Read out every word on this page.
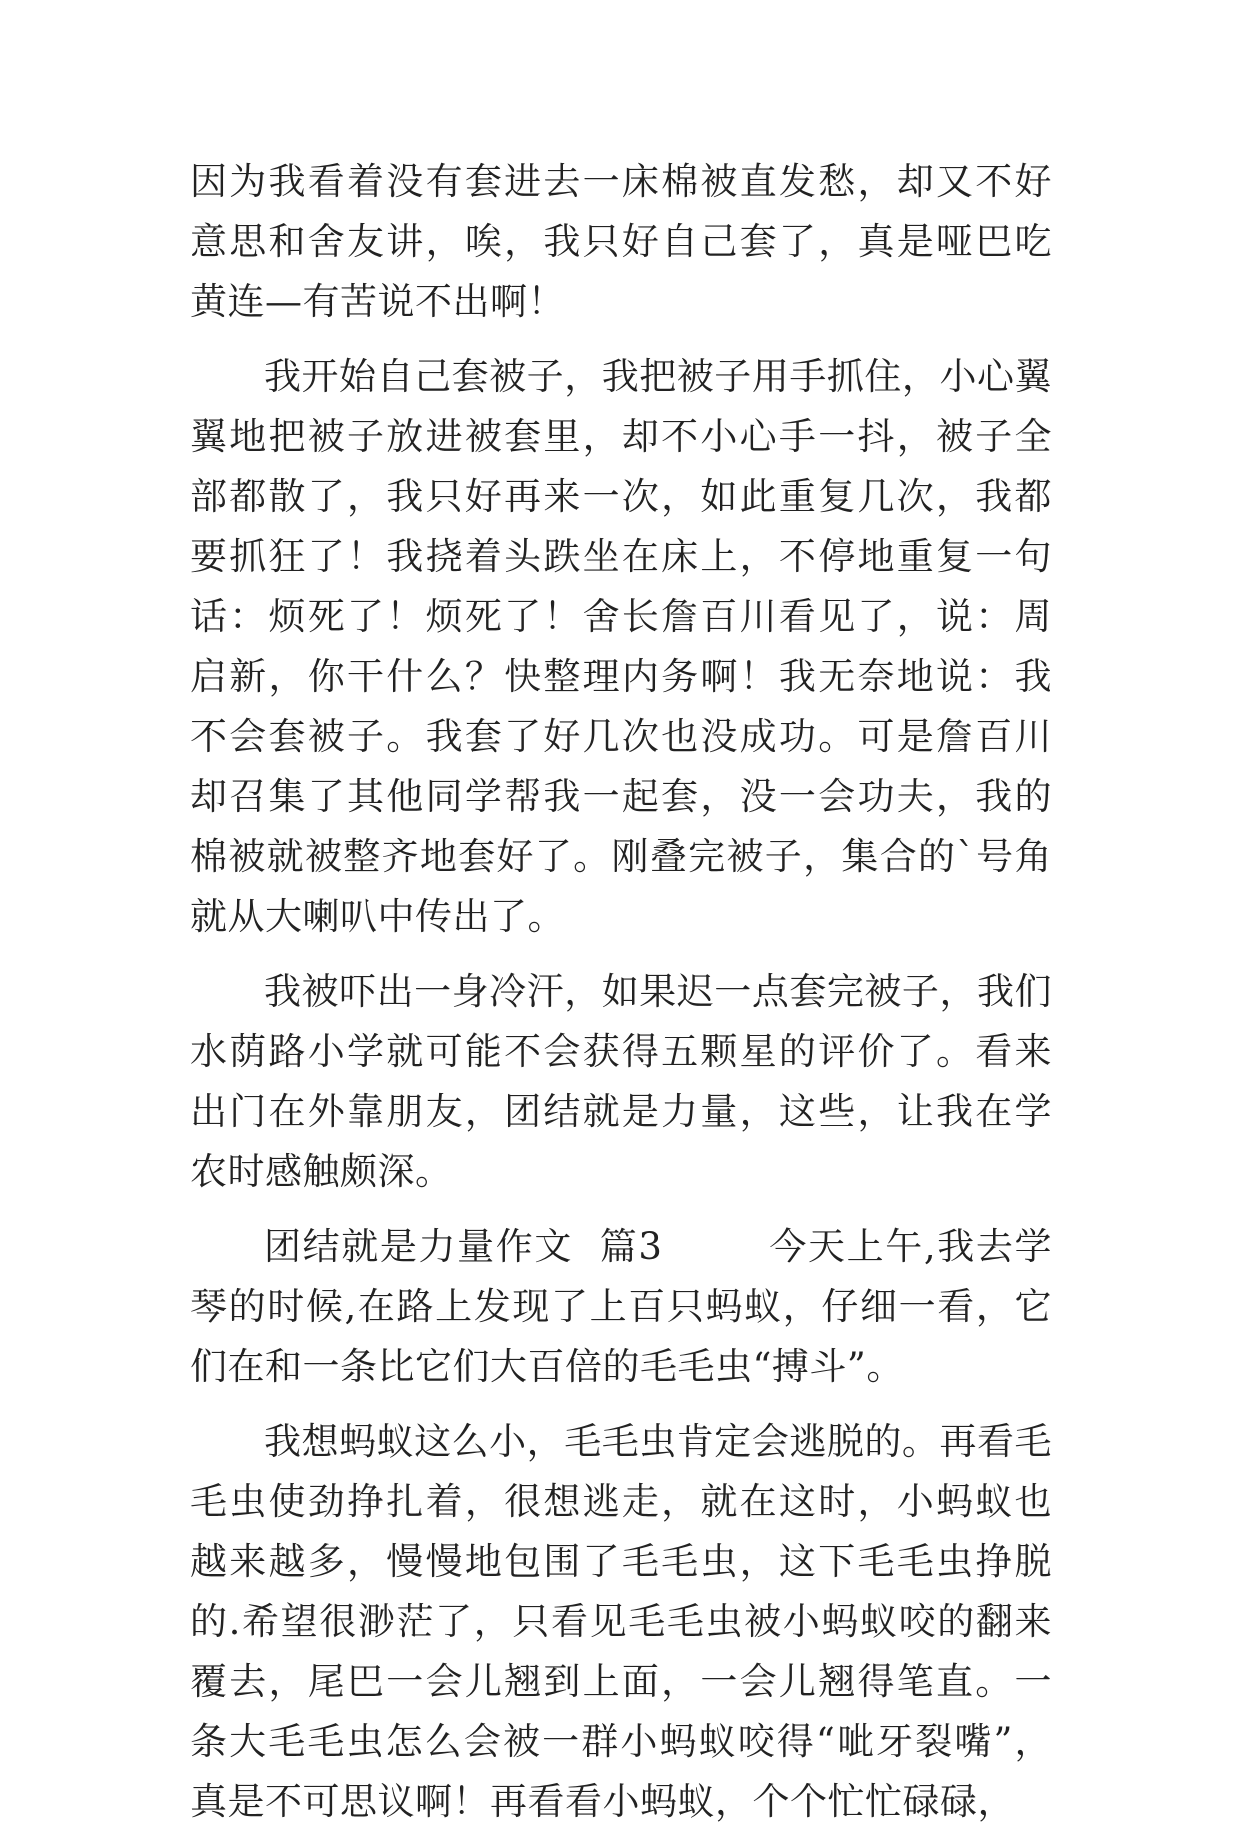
因为我看着没有套进去一床棉被直发愁，却又不好意思和舍友讲，唉，我只好自己套了，真是哑巴吃黄连—有苦说不出啊！

我开始自己套被子，我把被子用手抓住，小心翼翼地把被子放进被套里，却不小心手一抖，被子全部都散了，我只好再来一次，如此重复几次，我都要抓狂了！我挠着头跌坐在床上，不停地重复一句话：烦死了！烦死了！舍长詹百川看见了，说：周启新，你干什么？快整理内务啊！我无奈地说：我不会套被子。我套了好几次也没成功。可是詹百川却召集了其他同学帮我一起套，没一会功夫，我的棉被就被整齐地套好了。刚叠完被子，集合的`号角就从大喇叭中传出了。

我被吓出一身冷汗，如果迟一点套完被子，我们水荫路小学就可能不会获得五颗星的评价了。看来出门在外靠朋友，团结就是力量，这些，让我在学农时感触颇深。

团结就是力量作文  篇3        今天上午,我去学琴的时候,在路上发现了上百只蚂蚁，仔细一看，它们在和一条比它们大百倍的毛毛虫“搏斗”。

我想蚂蚁这么小，毛毛虫肯定会逃脱的。再看毛毛虫使劲挣扎着，很想逃走，就在这时，小蚂蚁也越来越多，慢慢地包围了毛毛虫，这下毛毛虫挣脱的.希望很渺茫了，只看见毛毛虫被小蚂蚁咬的翻来覆去，尾巴一会儿翘到上面，一会儿翘得笔直。一条大毛毛虫怎么会被一群小蚂蚁咬得“呲牙裂嘴”，真是不可思议啊！再看看小蚂蚁，个个忙忙碌碌，
